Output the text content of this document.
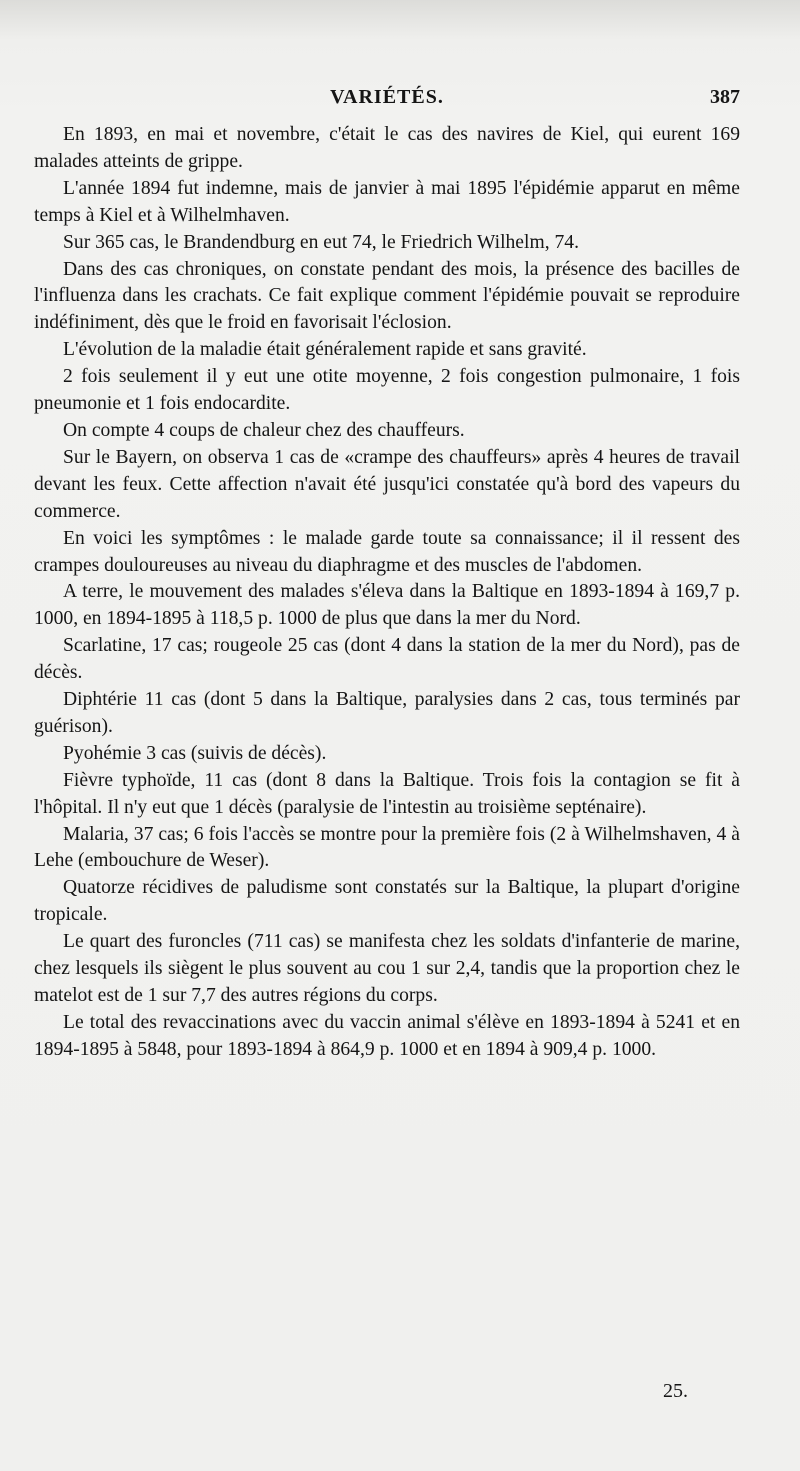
VARIÉTÉS.	387

En 1893, en mai et novembre, c'était le cas des navires de Kiel, qui eurent 169 malades atteints de grippe.

L'année 1894 fut indemne, mais de janvier à mai 1895 l'épidémie apparut en même temps à Kiel et à Wilhelmhaven.

Sur 365 cas, le Brandendburg en eut 74, le Friedrich Wilhelm, 74.

Dans des cas chroniques, on constate pendant des mois, la présence des bacilles de l'influenza dans les crachats. Ce fait explique comment l'épidémie pouvait se reproduire indéfiniment, dès que le froid en favorisait l'éclosion.

L'évolution de la maladie était généralement rapide et sans gravité.

2 fois seulement il y eut une otite moyenne, 2 fois congestion pulmonaire, 1 fois pneumonie et 1 fois endocardite.

On compte 4 coups de chaleur chez des chauffeurs.

Sur le Bayern, on observa 1 cas de «crampe des chauffeurs» après 4 heures de travail devant les feux. Cette affection n'avait été jusqu'ici constatée qu'à bord des vapeurs du commerce.

En voici les symptômes : le malade garde toute sa connaissance; il il ressent des crampes douloureuses au niveau du diaphragme et des muscles de l'abdomen.

A terre, le mouvement des malades s'éleva dans la Baltique en 1893-1894 à 169,7 p. 1000, en 1894-1895 à 118,5 p. 1000 de plus que dans la mer du Nord.

Scarlatine, 17 cas; rougeole 25 cas (dont 4 dans la station de la mer du Nord), pas de décès.

Diphtérie 11 cas (dont 5 dans la Baltique, paralysies dans 2 cas, tous terminés par guérison).

Pyohémie 3 cas (suivis de décès).

Fièvre typhoïde, 11 cas (dont 8 dans la Baltique. Trois fois la contagion se fit à l'hôpital. Il n'y eut que 1 décès (paralysie de l'intestin au troisième septénaire).

Malaria, 37 cas; 6 fois l'accès se montre pour la première fois (2 à Wilhelmshaven, 4 à Lehe (embouchure de Weser).

Quatorze récidives de paludisme sont constatés sur la Baltique, la plupart d'origine tropicale.

Le quart des furoncles (711 cas) se manifesta chez les soldats d'infanterie de marine, chez lesquels ils siègent le plus souvent au cou 1 sur 2,4, tandis que la proportion chez le matelot est de 1 sur 7,7 des autres régions du corps.

Le total des revaccinations avec du vaccin animal s'élève en 1893-1894 à 5241 et en 1894-1895 à 5848, pour 1893-1894 à 864,9 p. 1000 et en 1894 à 909,4 p. 1000.

25.
